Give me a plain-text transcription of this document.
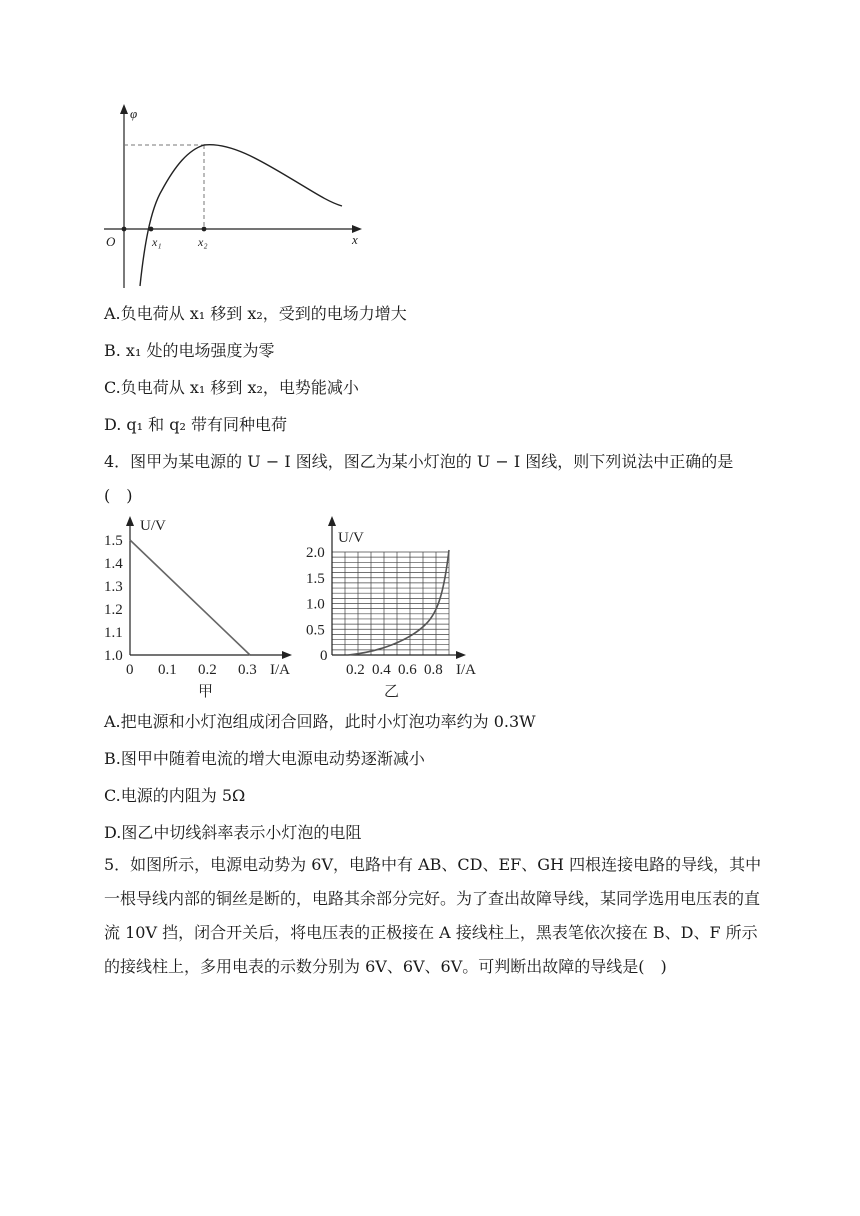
φ
x
O	x₁	x₂
A.负电荷从 x₁ 移到 x₂，受到的电场力增大
B. x₁ 处的电场强度为零
C.负电荷从 x₁ 移到 x₂，电势能减小
D. q₁ 和 q₂ 带有同种电荷
4．图甲为某电源的 U − I 图线，图乙为某小灯泡的 U − I 图线，则下列说法中正确的是
(　)
U/V
I/A
1.5
1.4
1.3
1.2
1.1
1.0
0 0.1 0.2 0.3
甲
U/V
I/A
2.0
1.5
1.0
0.5
0
0.2 0.4 0.6 0.8
乙
A.把电源和小灯泡组成闭合回路，此时小灯泡功率约为 0.3W
B.图甲中随着电流的增大电源电动势逐渐减小
C.电源的内阻为 5Ω
D.图乙中切线斜率表示小灯泡的电阻
5．如图所示，电源电动势为 6V，电路中有 AB、CD、EF、GH 四根连接电路的导线，其中一根导线内部的铜丝是断的，电路其余部分完好。为了查出故障导线，某同学选用电压表的直流 10V 挡，闭合开关后，将电压表的正极接在 A 接线柱上，黑表笔依次接在 B、D、F 所示的接线柱上，多用电表的示数分别为 6V、6V、6V。可判断出故障的导线是(　)
